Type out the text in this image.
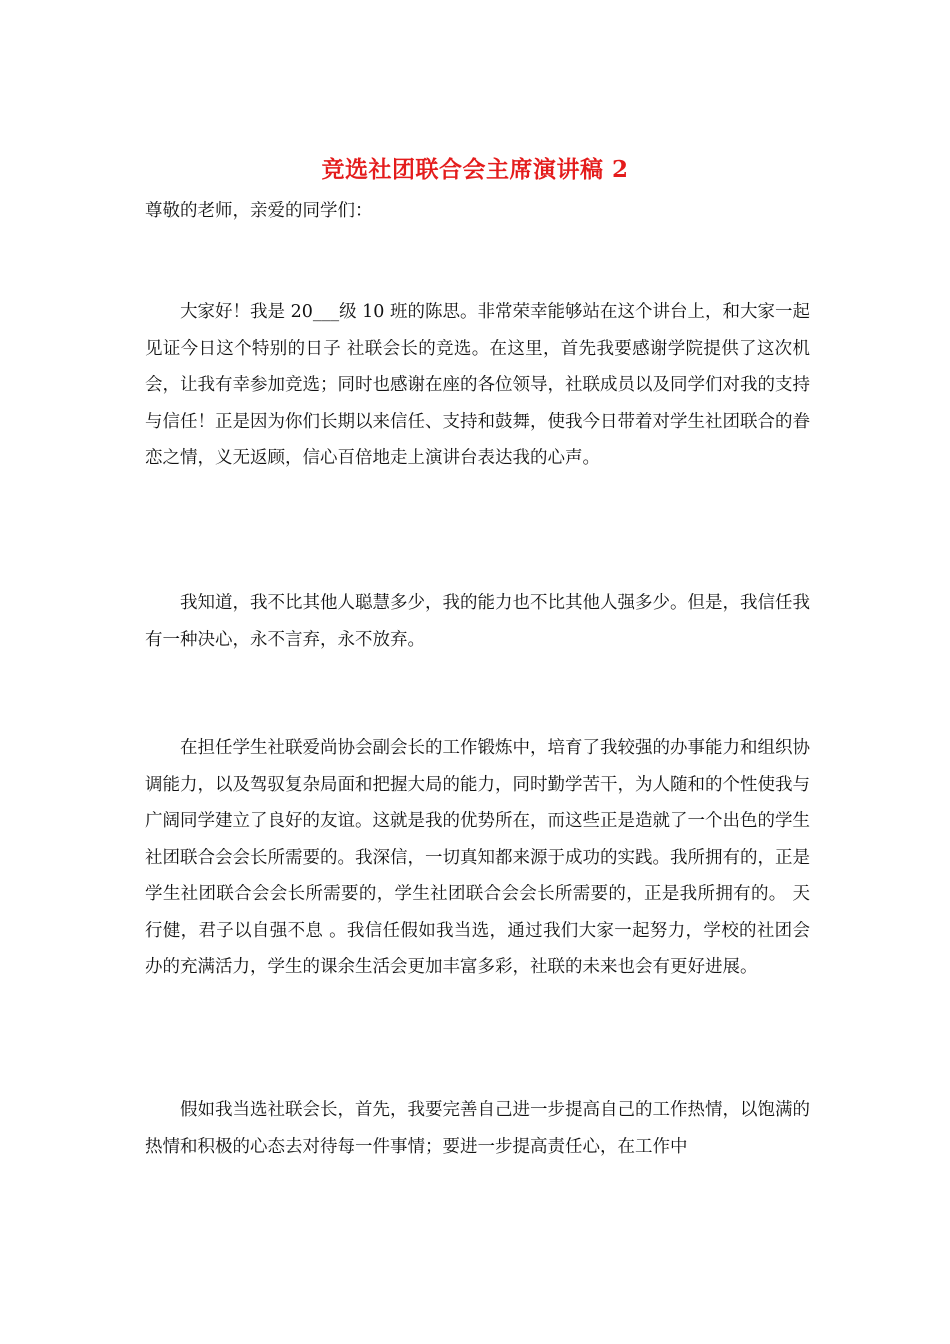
竞选社团联合会主席演讲稿 2
尊敬的老师，亲爱的同学们：

大家好！我是 20___级 10 班的陈思。非常荣幸能够站在这个讲台上，和大家一起见证今日这个特别的日子 社联会长的竞选。在这里，首先我要感谢学院提供了这次机会，让我有幸参加竞选；同时也感谢在座的各位领导，社联成员以及同学们对我的支持与信任！正是因为你们长期以来信任、支持和鼓舞，使我今日带着对学生社团联合的眷恋之情，义无返顾，信心百倍地走上演讲台表达我的心声。

我知道，我不比其他人聪慧多少，我的能力也不比其他人强多少。但是，我信任我有一种决心，永不言弃，永不放弃。

在担任学生社联爱尚协会副会长的工作锻炼中，培育了我较强的办事能力和组织协调能力，以及驾驭复杂局面和把握大局的能力，同时勤学苦干，为人随和的个性使我与广阔同学建立了良好的友谊。这就是我的优势所在，而这些正是造就了一个出色的学生社团联合会会长所需要的。我深信，一切真知都来源于成功的实践。我所拥有的，正是学生社团联合会会长所需要的，学生社团联合会会长所需要的，正是我所拥有的。 天行健，君子以自强不息 。我信任假如我当选，通过我们大家一起努力，学校的社团会办的充满活力，学生的课余生活会更加丰富多彩，社联的未来也会有更好进展。

假如我当选社联会长，首先，我要完善自己进一步提高自己的工作热情，以饱满的热情和积极的心态去对待每一件事情；要进一步提高责任心，在工作中
